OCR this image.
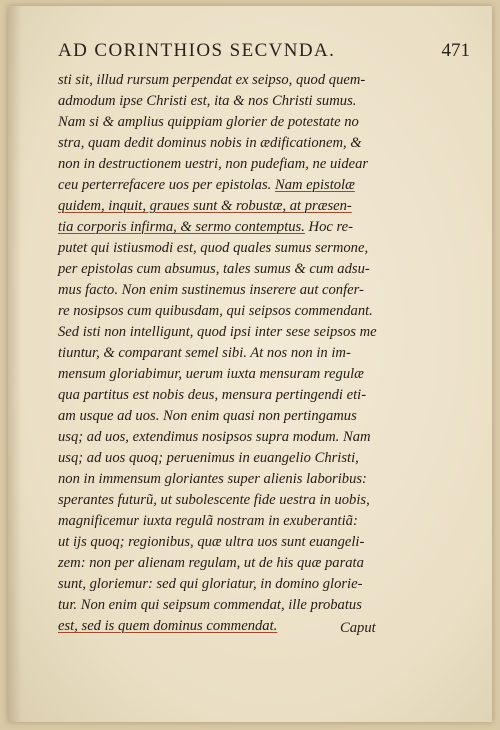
AD CORINTHIOS SECVNDA.	471
sti sit, illud rursum perpendat ex seipso, quod quem-
admodum ipse Christi est, ita & nos Christi sumus.
Nam si & amplius quippiam glorier de potestate no
stra, quam dedit dominus nobis in ædificationem, &
non in destructionem uestri, non pudefiam, ne uidear
ceu perterrefacere uos per epistolas. Nam epistolæ
quidem, inquit, graues sunt & robustæ, at præsen-
tia corporis infirma, & sermo contemptus. Hoc re-
putet qui istiusmodi est, quod quales sumus sermone,
per epistolas cum absumus, tales sumus & cum adsu-
mus facto. Non enim sustinemus inserere aut confer-
re nosipsos cum quibusdam, qui seipsos commendant.
Sed isti non intelligunt, quod ipsi inter sese seipsos me
tiuntur, & comparant semel sibi. At nos non in im-
mensum gloriabimur, uerum iuxta mensuram regulæ
qua partitus est nobis deus, mensura pertingendi eti-
am usque ad uos. Non enim quasi non pertingamus
usq; ad uos, extendimus nosipsos supra modum. Nam
usq; ad uos quoq; peruenimus in euangelio Christi,
non in immensum gloriantes super alienis laboribus:
sperantes futurũ, ut subolescente fide uestra in uobis,
magnificemur iuxta regulã nostram in exuberantiã:
ut ijs quoq; regionibus, quæ ultra uos sunt euangeli-
zem: non per alienam regulam, ut de his quæ parata
sunt, gloriemur: sed qui gloriatur, in domino glorie-
tur. Non enim qui seipsum commendat, ille probatus
est, sed is quem dominus commendat.	Caput
